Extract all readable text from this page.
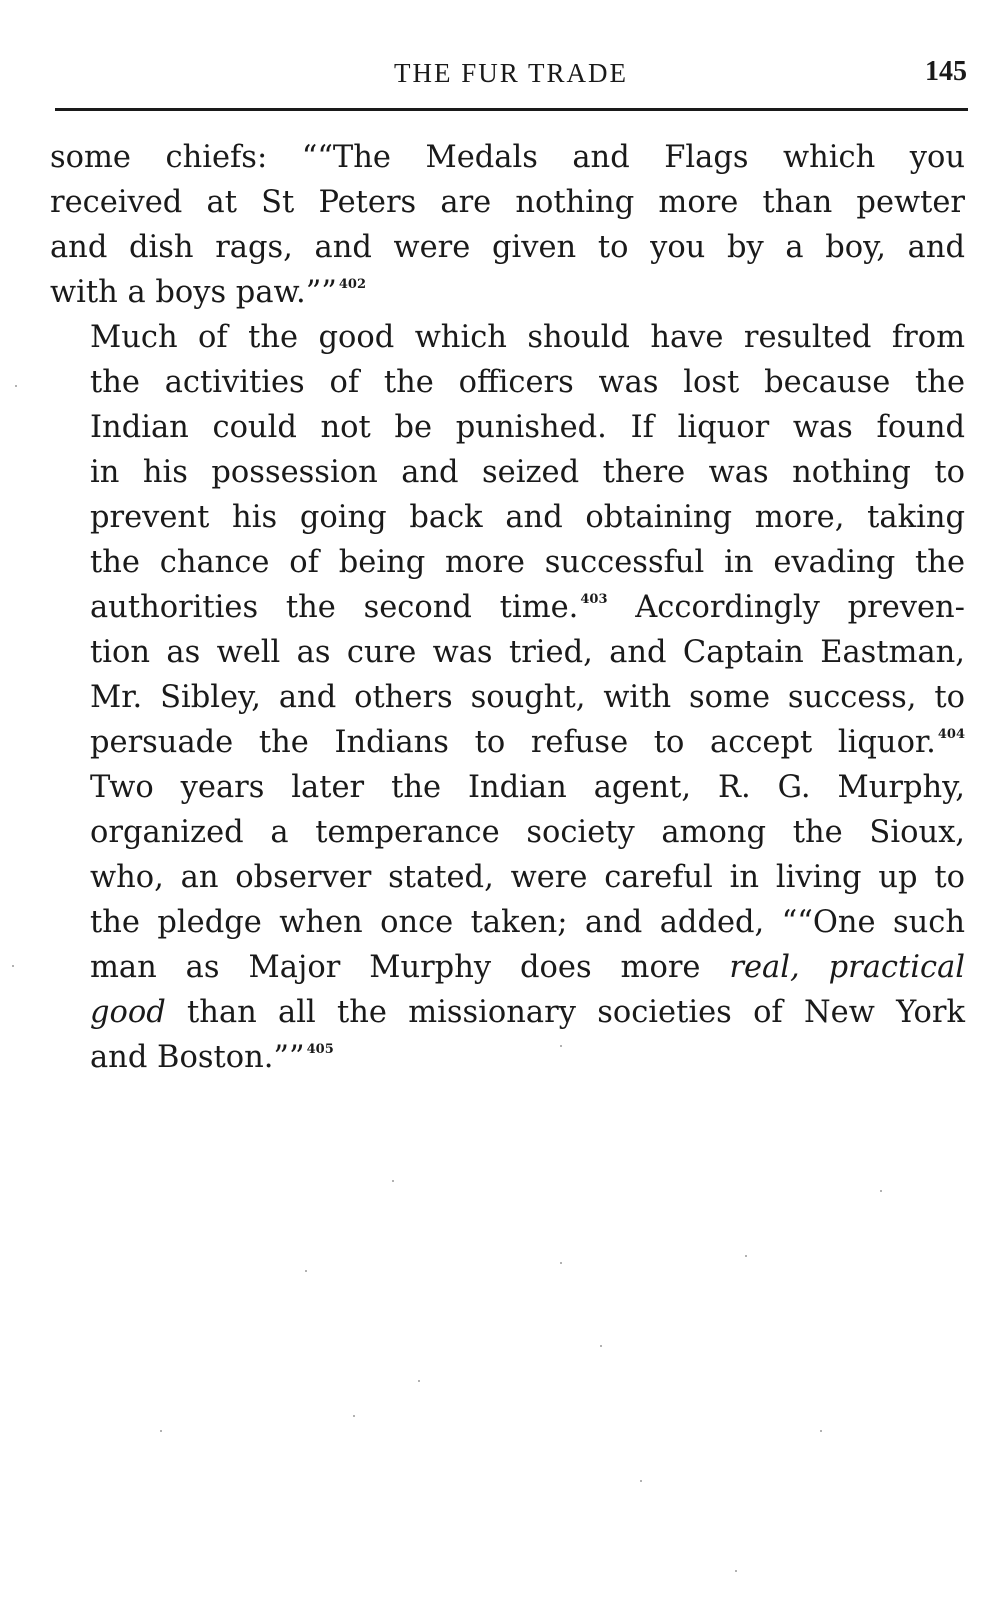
THE FUR TRADE	145

some chiefs: ““The Medals and Flags which you
received at St Peters are nothing more than pewter
and dish rags, and were given to you by a boy, and
with a boys paw.”” $^{402}$

Much of the good which should have resulted from
the activities of the officers was lost because the
Indian could not be punished. If liquor was found
in his possession and seized there was nothing to
prevent his going back and obtaining more, taking
the chance of being more successful in evading the
authorities the second time. $^{403}$ Accordingly preven-
tion as well as cure was tried, and Captain Eastman,
Mr. Sibley, and others sought, with some success, to
persuade the Indians to refuse to accept liquor. $^{404}$
Two years later the Indian agent, R. G. Murphy,
organized a temperance society among the Sioux,
who, an observer stated, were careful in living up to
the pledge when once taken; and added, ““One such
man as Major Murphy does more real, practical
good than all the missionary societies of New York
and Boston.”” $^{405}$
